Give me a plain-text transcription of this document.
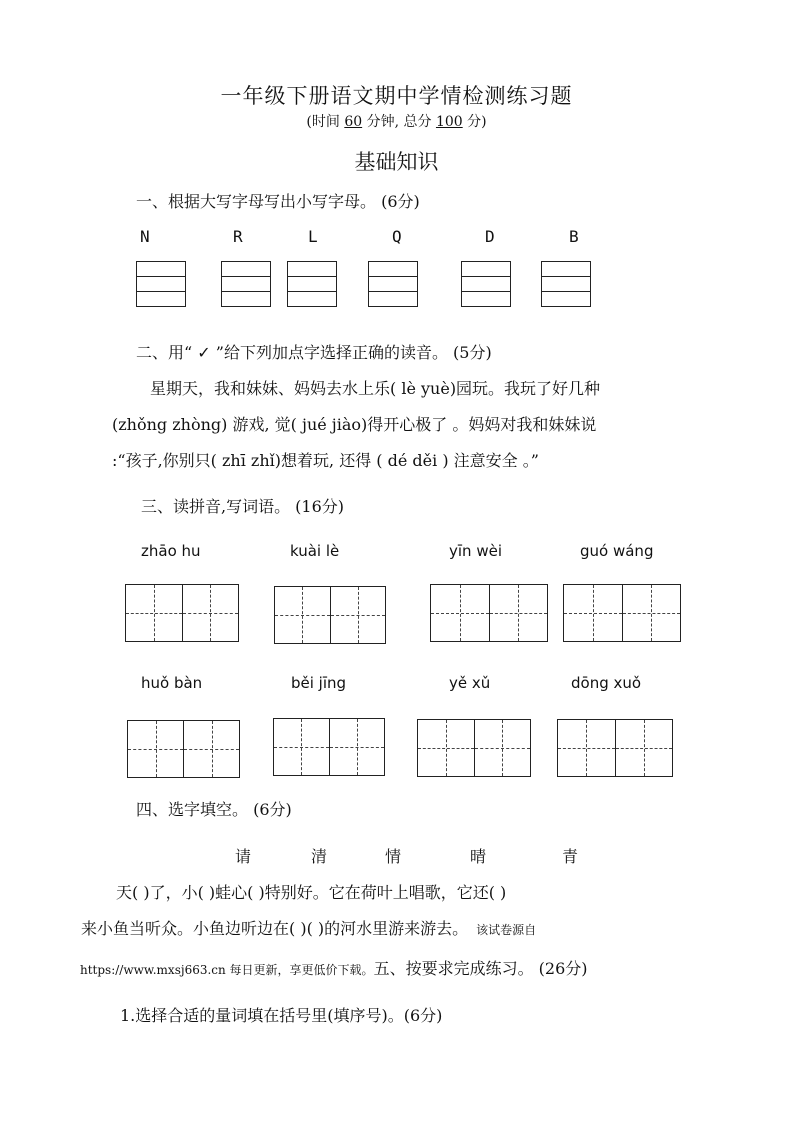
一年级下册语文期中学情检测练习题
(时间 60 分钟, 总分 100 分)
基础知识
一、根据大写字母写出小写字母。 (6分)
N	R	L	Q	D	B
二、用“ ✓ ”给下列加点字选择正确的读音。 (5分)
星期天，我和妹妹、妈妈去水上乐( lè yuè)园玩。我玩了好几种
(zhǒng zhòng) 游戏, 觉( jué jiào)得开心极了 。妈妈对我和妹妹说
:“孩子,你别只( zhī zhǐ)想着玩, 还得 ( dé děi ) 注意安全 。”
三、读拼音,写词语。 (16分)
zhāo hu	kuài lè	yīn wèi	guó wáng
huǒ bàn	běi jīng	yě xǔ	dōng xuǒ
四、选字填空。 (6分)
请	清	情	晴	青
天( )了，小( )蛙心( )特别好。它在荷叶上唱歌，它还( )
来小鱼当听众。小鱼边听边在( )( )的河水里游来游去。 该试卷源自
https://www.mxsj663.cn 每日更新，享更低价下载。五、按要求完成练习。 (26分)
1.选择合适的量词填在括号里(填序号)。(6分)
